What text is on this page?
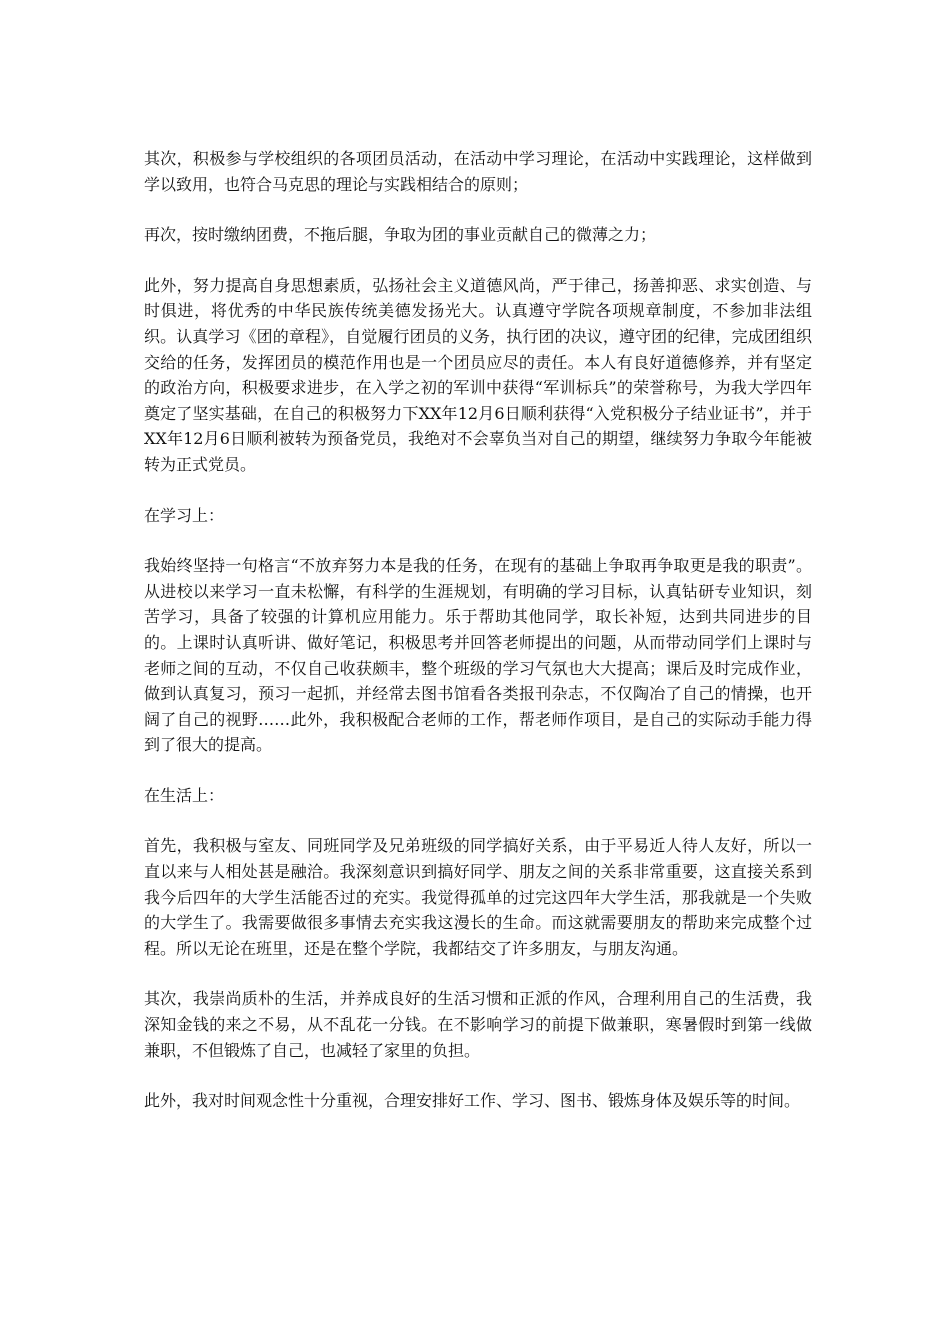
其次，积极参与学校组织的各项团员活动，在活动中学习理论，在活动中实践理论，这样做到学以致用，也符合马克思的理论与实践相结合的原则；

再次，按时缴纳团费，不拖后腿，争取为团的事业贡献自己的微薄之力；

此外，努力提高自身思想素质，弘扬社会主义道德风尚，严于律己，扬善抑恶、求实创造、与时俱进，将优秀的中华民族传统美德发扬光大。认真遵守学院各项规章制度，不参加非法组织。认真学习《团的章程》，自觉履行团员的义务，执行团的决议，遵守团的纪律，完成团组织交给的任务，发挥团员的模范作用也是一个团员应尽的责任。本人有良好道德修养，并有坚定的政治方向，积极要求进步，在入学之初的军训中获得“军训标兵”的荣誉称号，为我大学四年奠定了坚实基础，在自己的积极努力下XX年12月6日顺利获得“入党积极分子结业证书”，并于XX年12月6日顺利被转为预备党员，我绝对不会辜负当对自己的期望，继续努力争取今年能被转为正式党员。

在学习上：

我始终坚持一句格言“不放弃努力本是我的任务，在现有的基础上争取再争取更是我的职责”。从进校以来学习一直未松懈，有科学的生涯规划，有明确的学习目标，认真钻研专业知识，刻苦学习，具备了较强的计算机应用能力。乐于帮助其他同学，取长补短，达到共同进步的目的。上课时认真听讲、做好笔记，积极思考并回答老师提出的问题，从而带动同学们上课时与老师之间的互动，不仅自己收获颇丰，整个班级的学习气氛也大大提高；课后及时完成作业，做到认真复习，预习一起抓，并经常去图书馆看各类报刊杂志，不仅陶冶了自己的情操，也开阔了自己的视野……此外，我积极配合老师的工作，帮老师作项目，是自己的实际动手能力得到了很大的提高。

在生活上：

首先，我积极与室友、同班同学及兄弟班级的同学搞好关系，由于平易近人待人友好，所以一直以来与人相处甚是融洽。我深刻意识到搞好同学、朋友之间的关系非常重要，这直接关系到我今后四年的大学生活能否过的充实。我觉得孤单的过完这四年大学生活，那我就是一个失败的大学生了。我需要做很多事情去充实我这漫长的生命。而这就需要朋友的帮助来完成整个过程。所以无论在班里，还是在整个学院，我都结交了许多朋友，与朋友沟通。

其次，我崇尚质朴的生活，并养成良好的生活习惯和正派的作风，合理利用自己的生活费，我深知金钱的来之不易，从不乱花一分钱。在不影响学习的前提下做兼职，寒暑假时到第一线做兼职，不但锻炼了自己，也减轻了家里的负担。

此外，我对时间观念性十分重视，合理安排好工作、学习、图书、锻炼身体及娱乐等的时间。
